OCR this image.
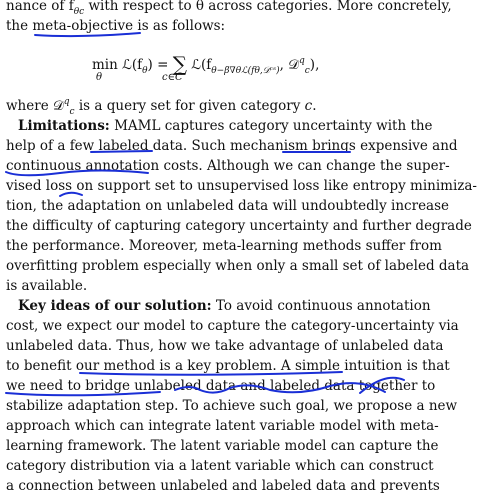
nance of $f_{\theta c}$ with respect to θ across categories. More concretely,
the meta-objective is as follows:
$\min ℒ(f_\theta)$ = ∑ $ℒ(f_{\theta-\beta\nabla\theta ℒ(f\theta,𝒟ᶜˢ)}$, 𝒟$^q_c$),
θ	c∈C
where 𝒟$^q_c$ is a query set for given category c.
Limitations: MAML captures category uncertainty with the
help of a few labeled data. Such mechanism brings expensive and
continuous annotation costs. Although we can change the super-
vised loss on support set to unsupervised loss like entropy minimiza-
tion, the adaptation on unlabeled data will undoubtedly increase
the difficulty of capturing category uncertainty and further degrade
the performance. Moreover, meta-learning methods suffer from
overfitting problem especially when only a small set of labeled data
is available.
Key ideas of our solution: To avoid continuous annotation
cost, we expect our model to capture the category-uncertainty via
unlabeled data. Thus, how we take advantage of unlabeled data
to benefit our method is a key problem. A simple intuition is that
we need to bridge unlabeled data and labeled data together to
stabilize adaptation step. To achieve such goal, we propose a new
approach which can integrate latent variable model with meta-
learning framework. The latent variable model can capture the
category distribution via a latent variable which can construct
a connection between unlabeled and labeled data and prevents
